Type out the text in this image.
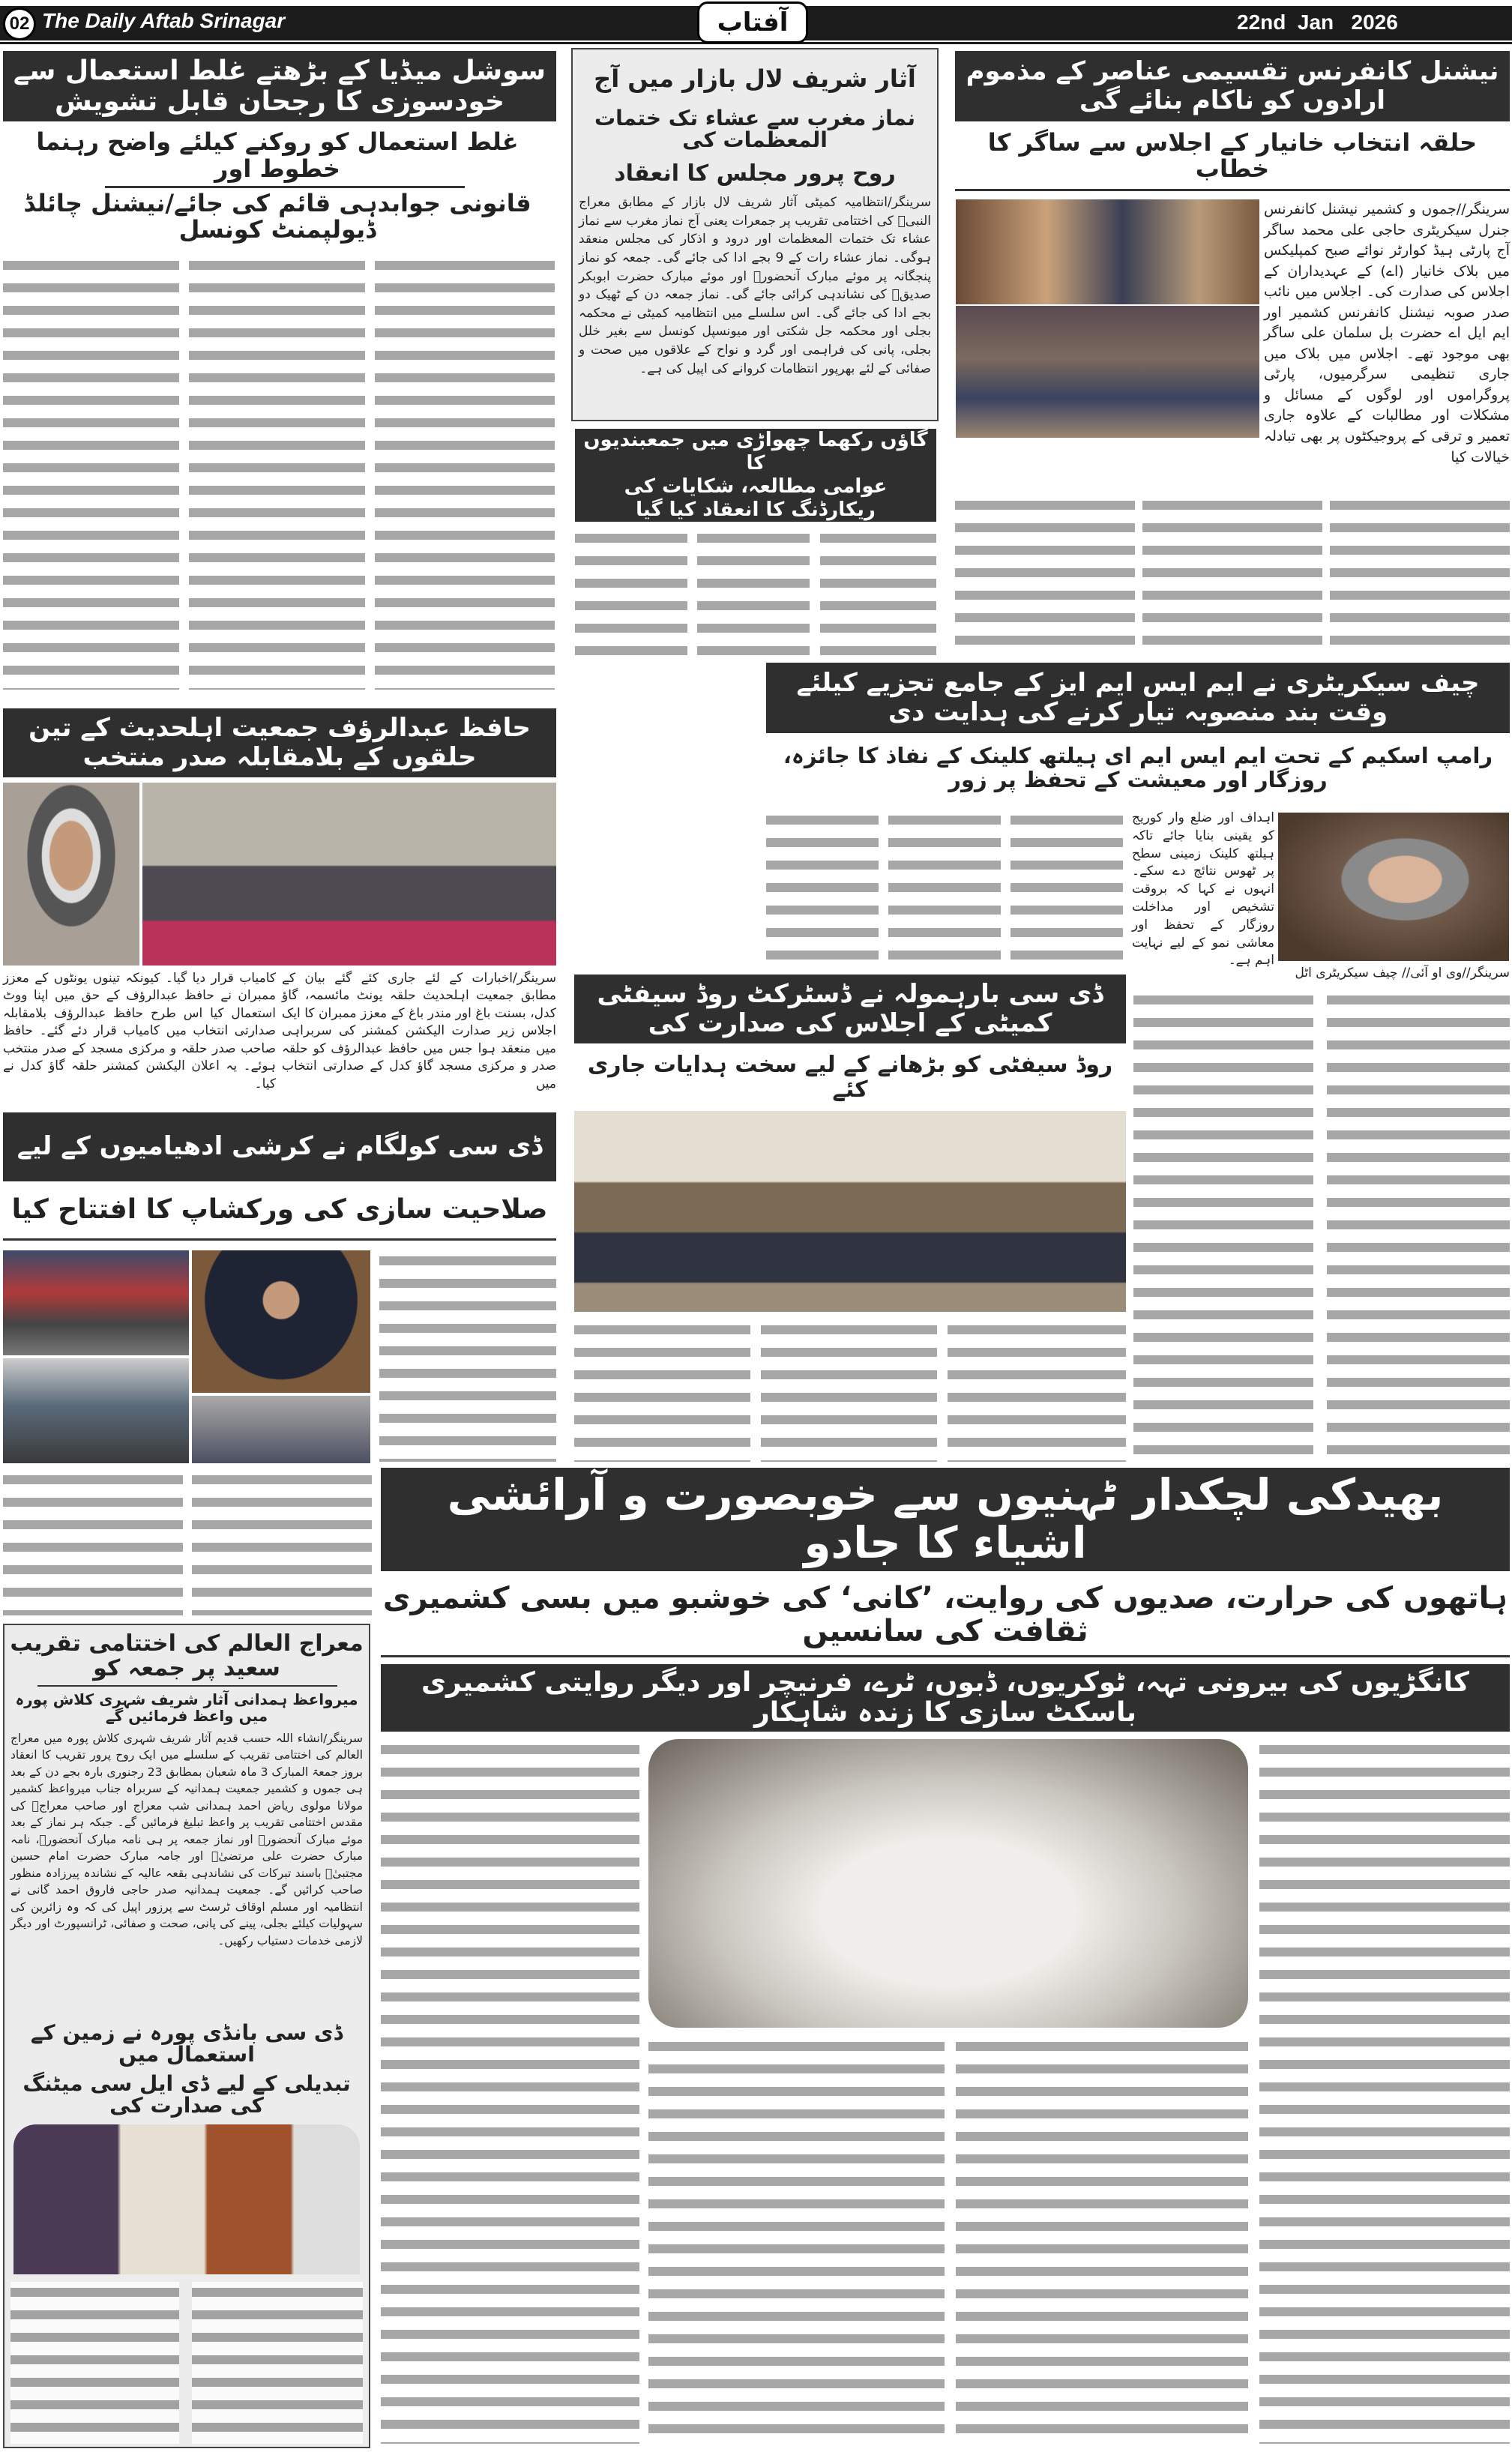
02 The Daily Aftab Srinagar	آفتاب	22nd  Jan   2026
سوشل میڈیا کے بڑھتے غلط استعمال سے خودسوزی کا رجحان قابل تشویش
غلط استعمال کو روکنے کیلئے واضح رہنما خطوط اور
قانونی جوابدہی قائم کی جائے/نیشنل چائلڈ ڈیولپمنٹ کونسل
آثار شریف لال بازار میں آج
نماز مغرب سے عشاء تک ختمات المعظمات کی
روح پرور مجلس کا انعقاد
سرینگر/انتظامیہ کمیٹی آثار شریف لال بازار کے مطابق معراج النبیؐ کی اختتامی تقریب پر جمعرات یعنی آج نماز مغرب سے نماز عشاء تک ختمات المعظمات اور درود و اذکار کی مجلس منعقد ہوگی۔ نماز عشاء رات کے 9 بجے ادا کی جائے گی۔ جمعہ کو نماز پنجگانہ پر موئے مبارک آنحضورؐ اور موئے مبارک حضرت ابوبکر صدیقؓ کی نشاندہی کرائی جائے گی۔ نماز جمعہ دن کے ٹھیک دو بجے ادا کی جائے گی۔ اس سلسلے میں انتظامیہ کمیٹی نے محکمہ بجلی اور محکمہ جل شکتی اور میونسپل کونسل سے بغیر خلل بجلی، پانی کی فراہمی اور گرد و نواح کے علاقوں میں صحت و صفائی کے لئے بھرپور انتظامات کروانے کی اپیل کی ہے۔
گاؤں رکھما چھواڑی میں جمعبندیوں کا
عوامی مطالعہ، شکایات کی ریکارڈنگ کا انعقاد کیا گیا
نیشنل کانفرنس تقسیمی عناصر کے مذموم ارادوں کو ناکام بنائے گی
حلقہ انتخاب خانیار کے اجلاس سے ساگر کا خطاب
سرینگر//جموں و کشمیر نیشنل کانفرنس جنرل سیکریٹری حاجی علی محمد ساگر آج پارٹی ہیڈ کوارٹر نوائے صبح کمپلیکس میں بلاک خانیار (اے) کے عہدیداران کے اجلاس کی صدارت کی۔ اجلاس میں نائب صدر صوبہ نیشنل کانفرنس کشمیر اور ایم ایل اے حضرت بل سلمان علی ساگر بھی موجود تھے۔ اجلاس میں بلاک میں جاری تنظیمی سرگرمیوں، پارٹی پروگراموں اور لوگوں کے مسائل و مشکلات اور مطالبات کے علاوہ جاری تعمیر و ترقی کے پروجیکٹوں پر بھی تبادلہ خیالات کیا
چیف سیکریٹری نے ایم ایس ایم ایز کے جامع تجزیے کیلئے وقت بند منصوبہ تیار کرنے کی ہدایت دی
رامپ اسکیم کے تحت ایم ایس ایم ای ہیلتھ کلینک کے نفاذ کا جائزہ، روزگار اور معیشت کے تحفظ پر زور
اہداف اور ضلع وار کوریج کو یقینی بنایا جائے تاکہ ہیلتھ کلینک زمینی سطح پر ٹھوس نتائج دے سکے۔ انہوں نے کہا کہ بروقت تشخیص اور مداخلت روزگار کے تحفظ اور معاشی نمو کے لیے نہایت اہم ہے۔
سرینگر//وی او آئی// چیف سیکریٹری اٹل
حافظ عبدالرؤف جمعیت اہلحدیث کے تین حلقوں کے بلامقابلہ صدر منتخب
سرینگر/اخبارات کے لئے جاری کئے گئے بیان کے مطابق جمعیت اہلحدیث حلقہ یونٹ مائسمہ، گاؤ کدل، بسنت باغ اور مندر باغ کے معزز ممبران کا ایک اجلاس زیر صدارت الیکشن کمشنر کی سربراہی میں منعقد ہوا جس میں حافظ عبدالرؤف کو حلقہ صدر و مرکزی مسجد گاؤ کدل کے صدارتی انتخاب میں
کامیاب قرار دیا گیا۔ کیونکہ تینوں یونٹوں کے معزز ممبران نے حافظ عبدالرؤف کے حق میں اپنا ووٹ استعمال کیا اس طرح حافظ عبدالرؤف بلامقابلہ صدارتی انتخاب میں کامیاب قرار دئے گئے۔ حافظ صاحب صدر حلقہ و مرکزی مسجد کے صدر منتخب ہوئے۔ یہ اعلان الیکشن کمشنر حلقہ گاؤ کدل نے کیا۔
ڈی سی بارہمولہ نے ڈسٹرکٹ روڈ سیفٹی کمیٹی کے اجلاس کی صدارت کی
روڈ سیفٹی کو بڑھانے کے لیے سخت ہدایات جاری کئے
ڈی سی کولگام نے کرشی ادھیامیوں کے لیے
صلاحیت سازی کی ورکشاپ کا افتتاح کیا
بھیدکی لچکدار ٹہنیوں سے خوبصورت و آرائشی اشیاء کا جادو
ہاتھوں کی حرارت، صدیوں کی روایت، ’کانی‘ کی خوشبو میں بسی کشمیری ثقافت کی سانسیں
کانگڑیوں کی بیرونی تہہ، ٹوکریوں، ڈبوں، ٹرے، فرنیچر اور دیگر روایتی کشمیری باسکٹ سازی کا زندہ شاہکار
معراج العالم کی اختتامی تقریب سعید پر جمعہ کو
میرواعظ ہمدانی آثار شریف شہری کلاش پورہ میں واعظ فرمائیں گے
سرینگر/انشاء اللہ حسب قدیم آثار شریف شہری کلاش پورہ میں معراج العالم کی اختتامی تقریب کے سلسلے میں ایک روح پرور تقریب کا انعقاد بروز جمعۃ المبارک 3 ماہ شعبان بمطابق 23 رجنوری بارہ بجے دن کے بعد ہی جموں و کشمیر جمعیت ہمدانیہ کے سربراہ جناب میرواعظ کشمیر مولانا مولوی ریاض احمد ہمدانی شب معراج اور صاحب معراجؐ کی مقدس اختتامی تقریب پر واعظ تبلیغ فرمائیں گے۔ جبکہ ہر نماز کے بعد موئے مبارک آنحضورؐ اور نماز جمعہ پر ہی نامہ مبارک آنحضورؐ، نامہ مبارک حضرت علی مرتضیٰؓ اور جامہ مبارک حضرت امام حسین مجتبیٰؓ باسند تبرکات کی نشاندہی بقعہ عالیہ کے نشاندہ پیرزادہ منظور صاحب کرائیں گے۔ جمعیت ہمدانیہ صدر حاجی فاروق احمد گانی نے انتظامیہ اور مسلم اوقاف ٹرسٹ سے پرزور اپیل کی کہ وہ زائرین کی سہولیات کیلئے بجلی، پینے کی پانی، صحت و صفائی، ٹرانسپورٹ اور دیگر لازمی خدمات دستیاب رکھیں۔
ڈی سی بانڈی پورہ نے زمین کے استعمال میں
تبدیلی کے لیے ڈی ایل سی میٹنگ کی صدارت کی
